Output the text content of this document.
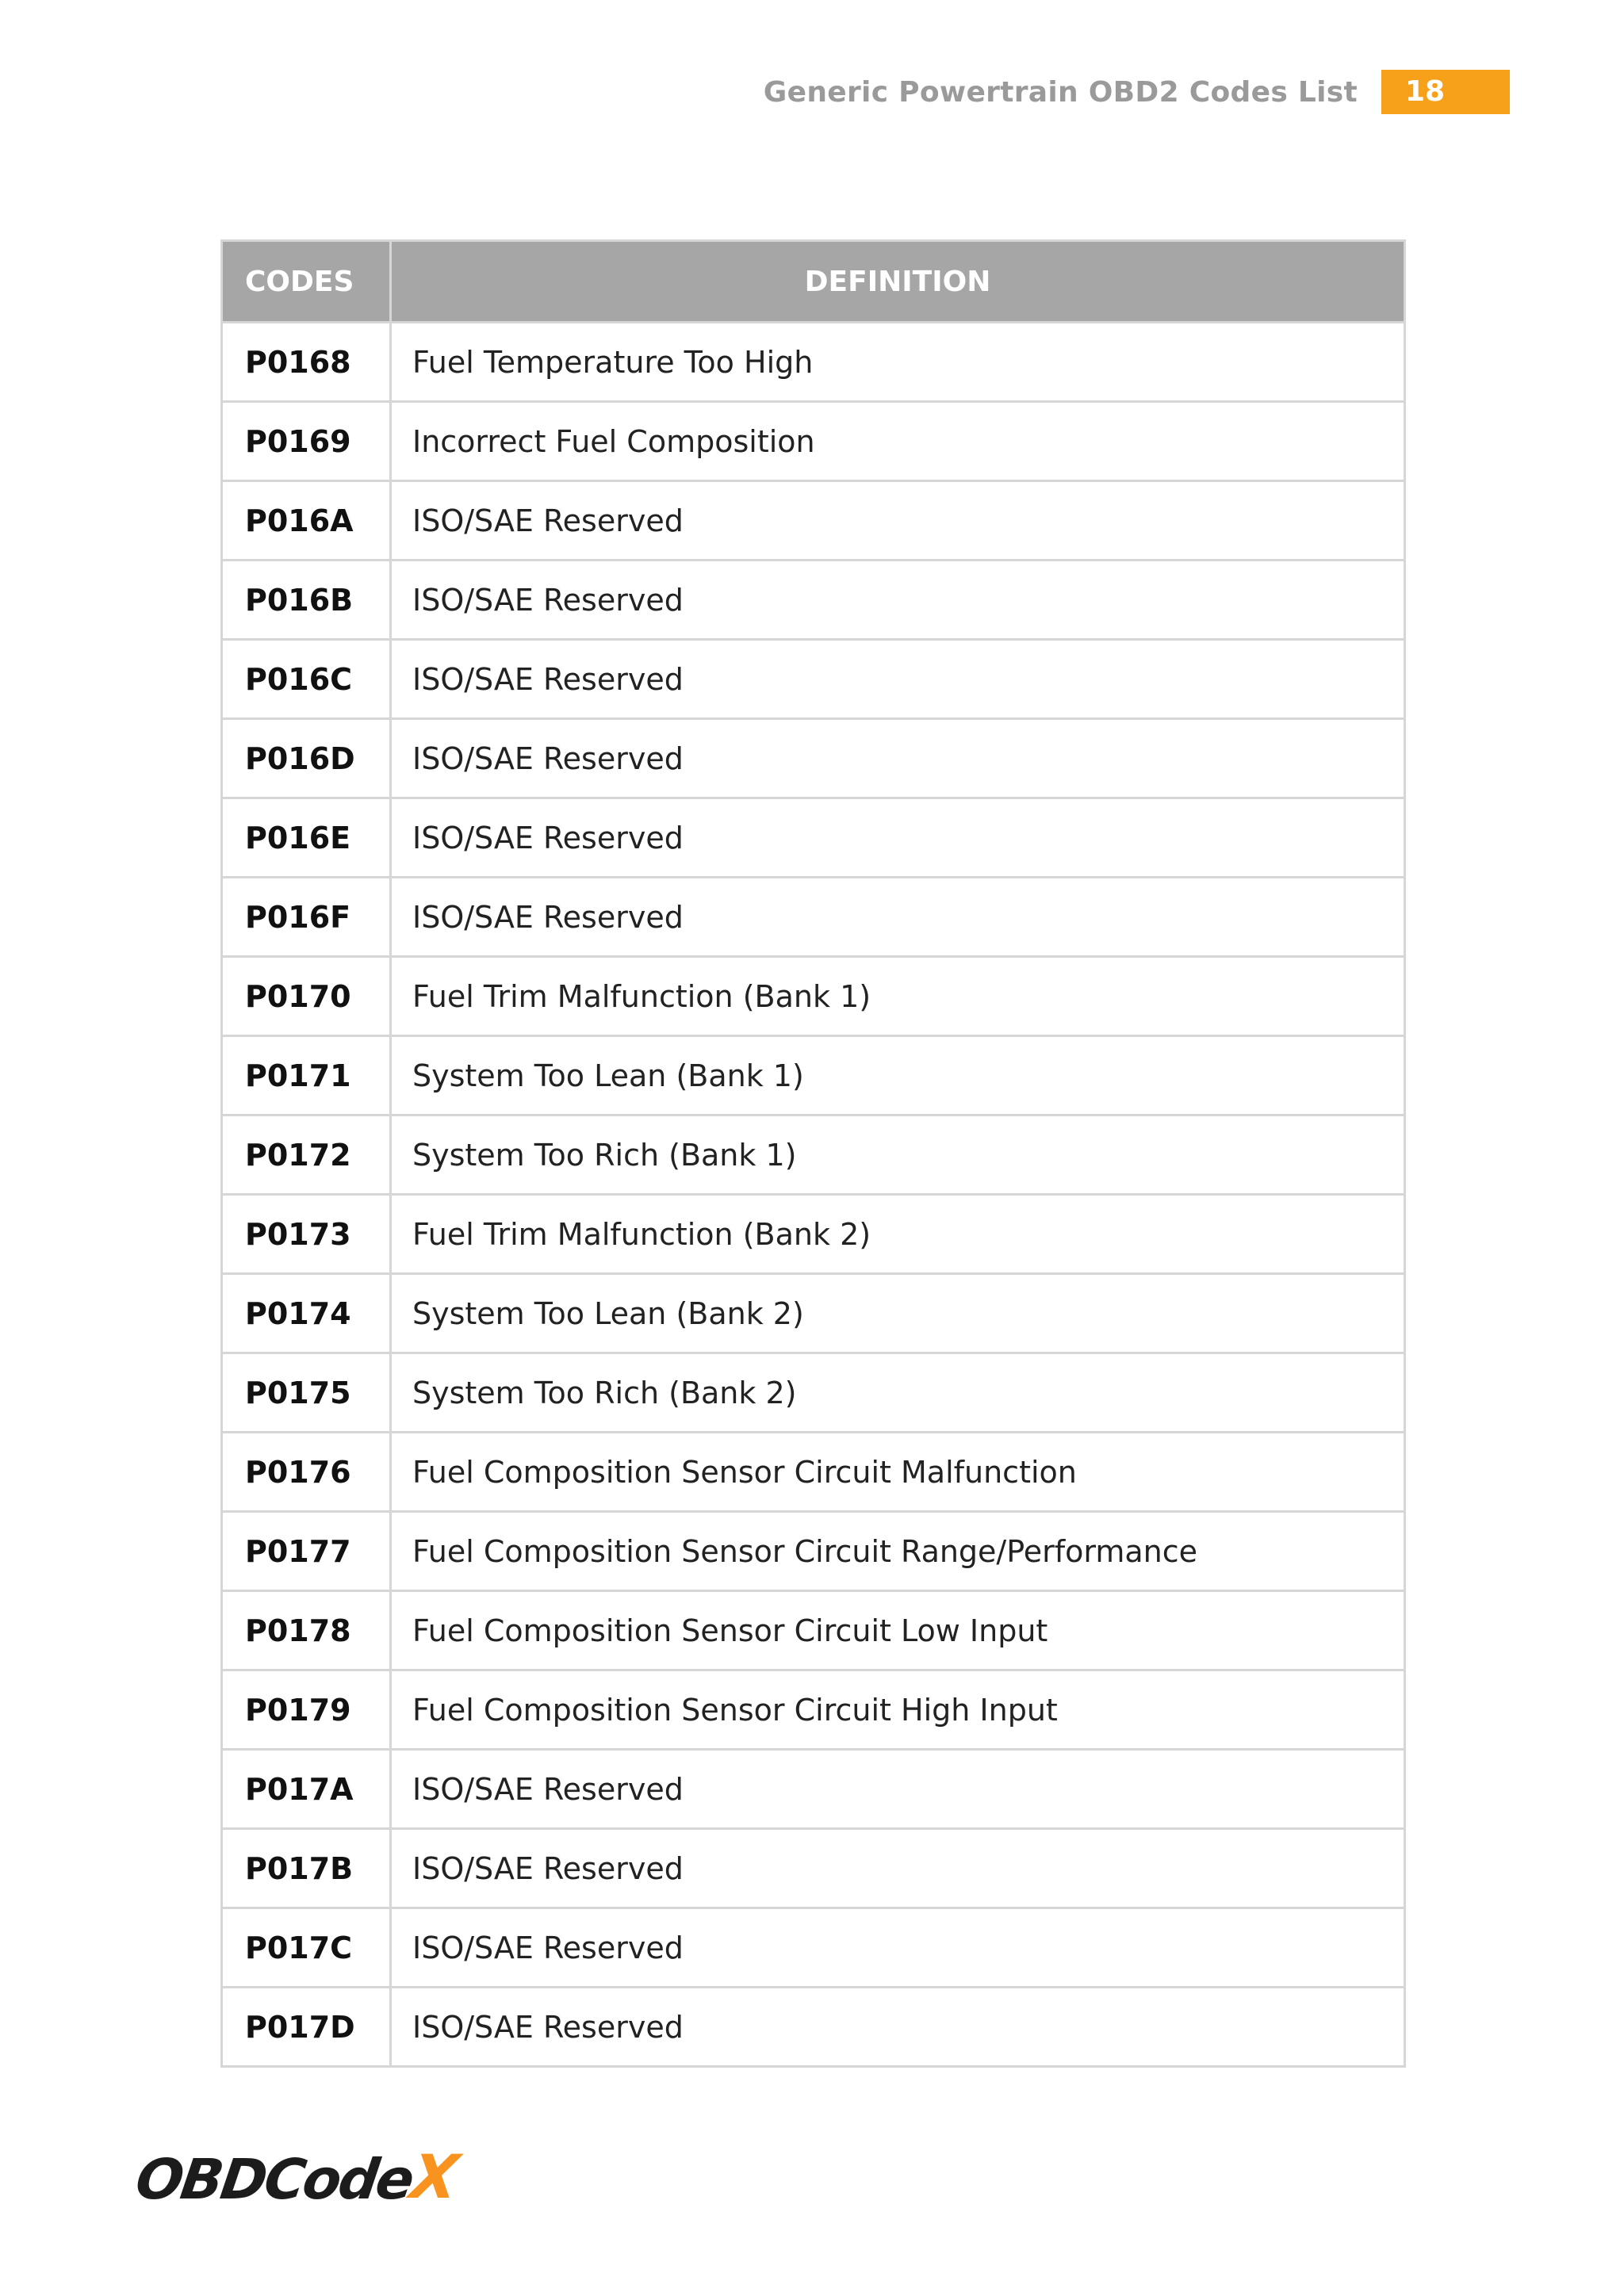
Generic Powertrain OBD2 Codes List	18
CODES	DEFINITION
P0168	Fuel Temperature Too High
P0169	Incorrect Fuel Composition
P016A	ISO/SAE Reserved
P016B	ISO/SAE Reserved
P016C	ISO/SAE Reserved
P016D	ISO/SAE Reserved
P016E	ISO/SAE Reserved
P016F	ISO/SAE Reserved
P0170	Fuel Trim Malfunction (Bank 1)
P0171	System Too Lean (Bank 1)
P0172	System Too Rich (Bank 1)
P0173	Fuel Trim Malfunction (Bank 2)
P0174	System Too Lean (Bank 2)
P0175	System Too Rich (Bank 2)
P0176	Fuel Composition Sensor Circuit Malfunction
P0177	Fuel Composition Sensor Circuit Range/Performance
P0178	Fuel Composition Sensor Circuit Low Input
P0179	Fuel Composition Sensor Circuit High Input
P017A	ISO/SAE Reserved
P017B	ISO/SAE Reserved
P017C	ISO/SAE Reserved
P017D	ISO/SAE Reserved
OBDCode
X
